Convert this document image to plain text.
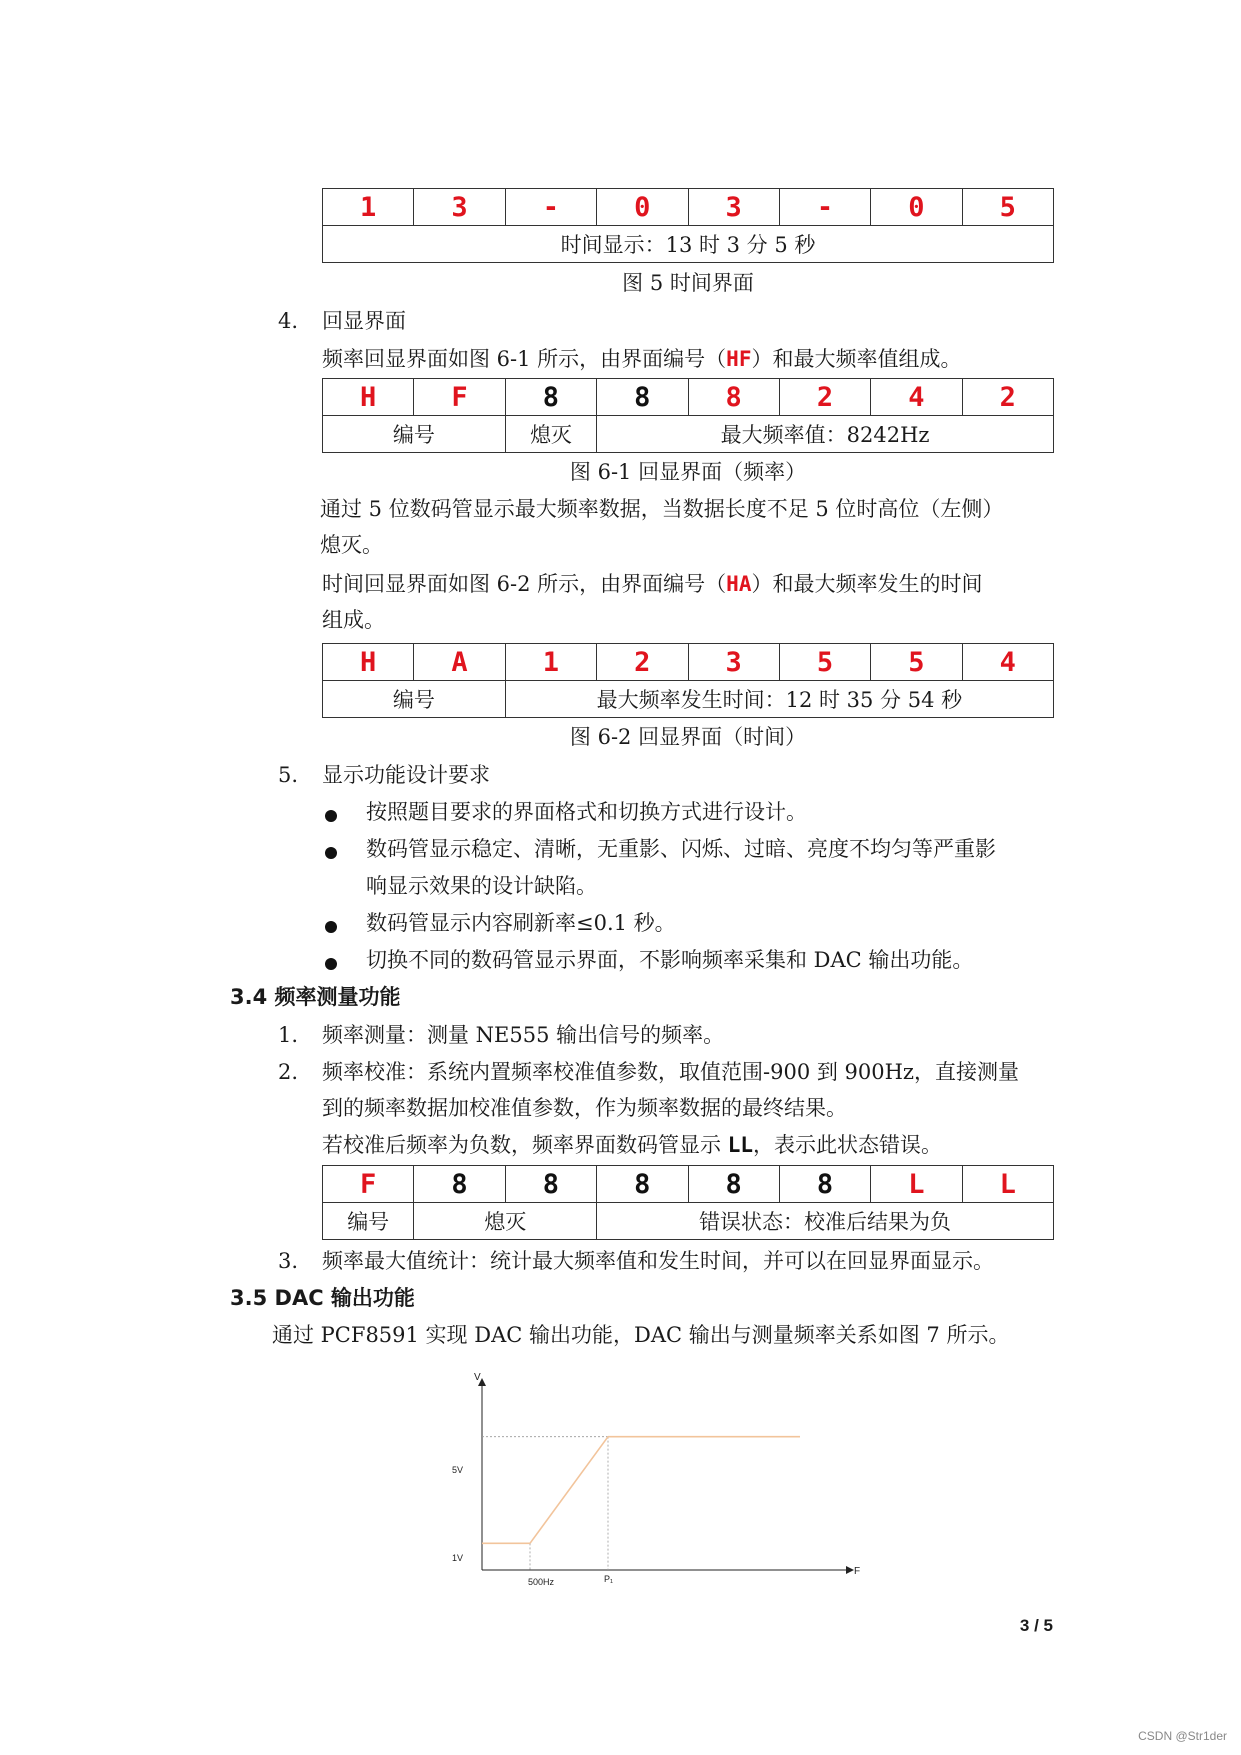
1	3	-	0	3	-	0	5
时间显示：13 时 3 分 5 秒
图 5 时间界面
4. 回显界面
频率回显界面如图 6-1 所示，由界面编号（HF）和最大频率值组成。
H	F	8	8	8	2	4	2
编号		熄灭	最大频率值：8242Hz				
图 6-1 回显界面（频率）
通过 5 位数码管显示最大频率数据，当数据长度不足 5 位时高位（左侧）
熄灭。
时间回显界面如图 6-2 所示，由界面编号（HA）和最大频率发生的时间
组成。
H	A	1	2	3	5	5	4
编号		最大频率发生时间：12 时 35 分 54 秒					
图 6-2 回显界面（时间）
5. 显示功能设计要求
按照题目要求的界面格式和切换方式进行设计。
数码管显示稳定、清晰，无重影、闪烁、过暗、亮度不均匀等严重影
响显示效果的设计缺陷。
数码管显示内容刷新率≤0.1 秒。
切换不同的数码管显示界面，不影响频率采集和 DAC 输出功能。
3.4 频率测量功能
1. 频率测量：测量 NE555 输出信号的频率。
2. 频率校准：系统内置频率校准值参数，取值范围-900 到 900Hz，直接测量
到的频率数据加校准值参数，作为频率数据的最终结果。
若校准后频率为负数，频率界面数码管显示 LL，表示此状态错误。
F	8	8	8	8	8	L	L
编号	熄灭		错误状态：校准后结果为负				
3. 频率最大值统计：统计最大频率值和发生时间，并可以在回显界面显示。
3.5 DAC 输出功能
通过 PCF8591 实现 DAC 输出功能，DAC 输出与测量频率关系如图 7 所示。
V
F
5V
1V
500Hz	P₁
3 / 5
CSDN @Str1der
